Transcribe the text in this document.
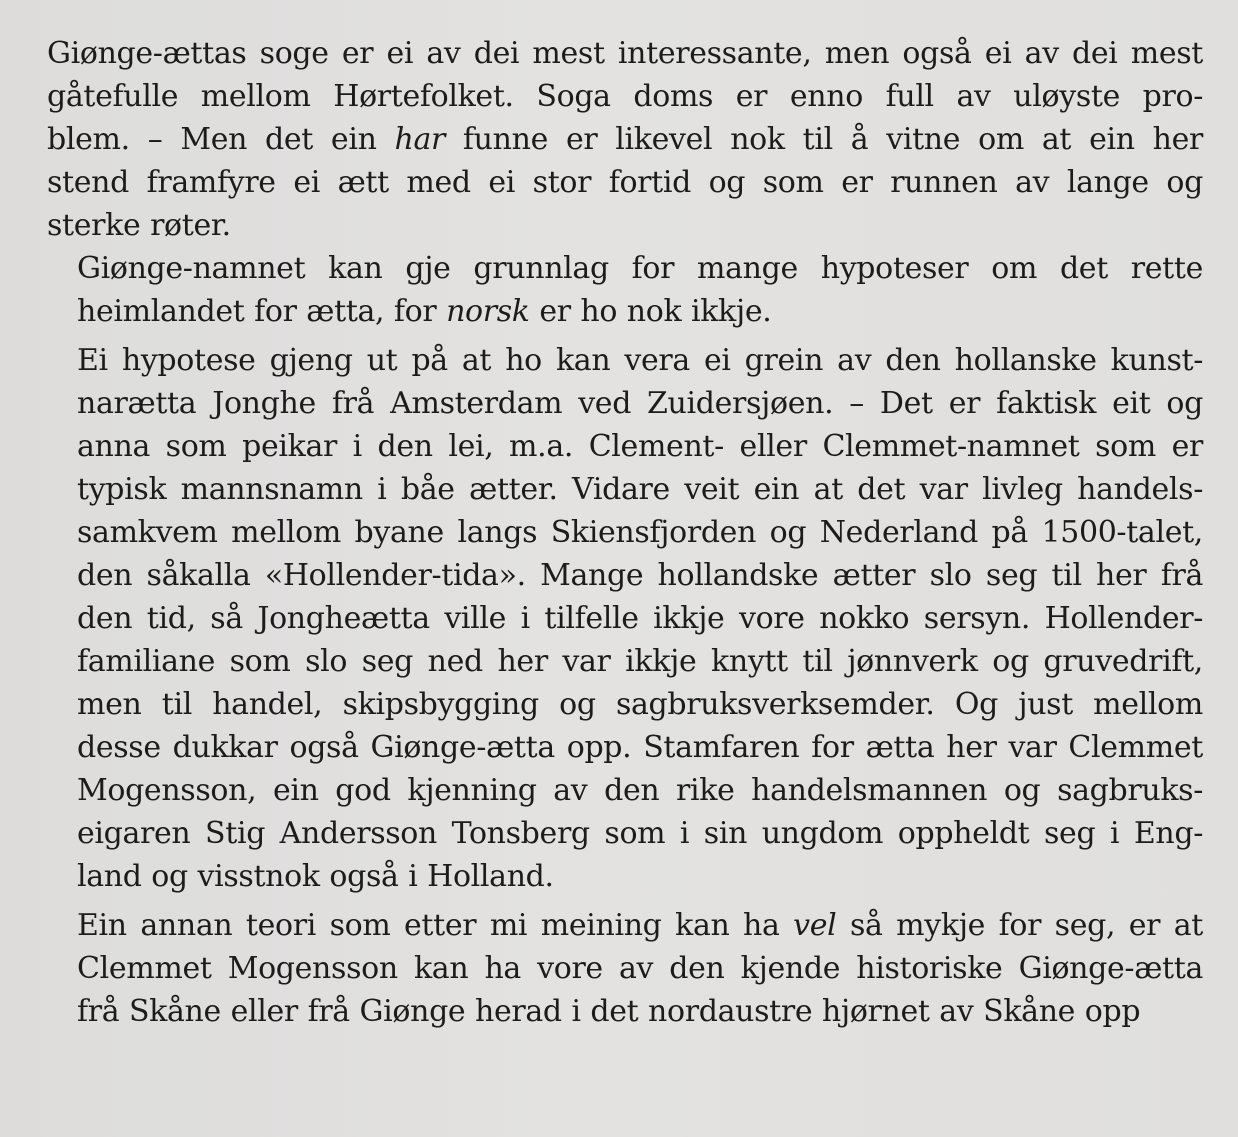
Giønge-ættas soge er ei av dei mest interessante, men også ei av dei mest
gåtefulle mellom Hørtefolket. Soga doms er enno full av uløyste pro-
blem. – Men det ein har funne er likevel nok til å vitne om at ein her
stend framfyre ei ætt med ei stor fortid og som er runnen av lange og
sterke røter.
Giønge-namnet kan gje grunnlag for mange hypoteser om det rette
heimlandet for ætta, for norsk er ho nok ikkje.
Ei hypotese gjeng ut på at ho kan vera ei grein av den hollanske kunst-
narætta Jonghe frå Amsterdam ved Zuidersjøen. – Det er faktisk eit og
anna som peikar i den lei, m.a. Clement- eller Clemmet-namnet som er
typisk mannsnamn i båe ætter. Vidare veit ein at det var livleg handels-
samkvem mellom byane langs Skiensfjorden og Nederland på 1500-talet,
den såkalla «Hollender-tida». Mange hollandske ætter slo seg til her frå
den tid, så Jongheætta ville i tilfelle ikkje vore nokko sersyn. Hollender-
familiane som slo seg ned her var ikkje knytt til jønnverk og gruvedrift,
men til handel, skipsbygging og sagbruksverksemder. Og just mellom
desse dukkar også Giønge-ætta opp. Stamfaren for ætta her var Clemmet
Mogensson, ein god kjenning av den rike handelsmannen og sagbruks-
eigaren Stig Andersson Tonsberg som i sin ungdom oppheldt seg i Eng-
land og visstnok også i Holland.
Ein annan teori som etter mi meining kan ha vel så mykje for seg, er at
Clemmet Mogensson kan ha vore av den kjende historiske Giønge-ætta
frå Skåne eller frå Giønge herad i det nordaustre hjørnet av Skåne opp
